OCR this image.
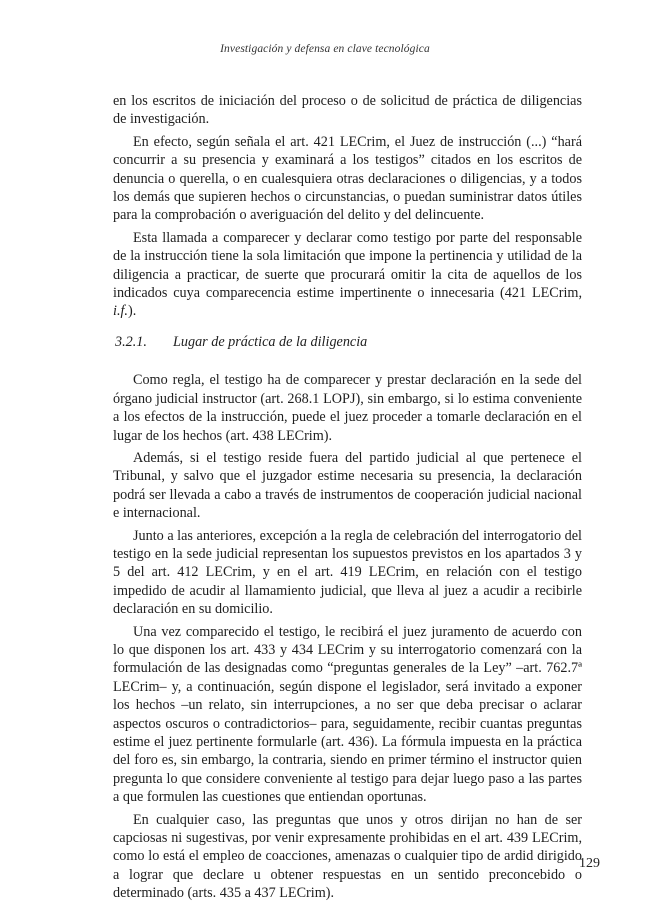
Investigación y defensa en clave tecnológica

en los escritos de iniciación del proceso o de solicitud de práctica de diligencias de investigación.

En efecto, según señala el art. 421 LECrim, el Juez de instrucción (...) “hará concurrir a su presencia y examinará a los testigos” citados en los escritos de denuncia o querella, o en cualesquiera otras declaraciones o diligencias, y a todos los demás que supieren hechos o circunstancias, o puedan suministrar datos útiles para la comprobación o averiguación del delito y del delincuente.

Esta llamada a comparecer y declarar como testigo por parte del responsable de la instrucción tiene la sola limitación que impone la pertinencia y utilidad de la diligencia a practicar, de suerte que procurará omitir la cita de aquellos de los indicados cuya comparecencia estime impertinente o innecesaria (421 LECrim, i.f.).

3.2.1.	Lugar de práctica de la diligencia

Como regla, el testigo ha de comparecer y prestar declaración en la sede del órgano judicial instructor (art. 268.1 LOPJ), sin embargo, si lo estima conveniente a los efectos de la instrucción, puede el juez proceder a tomarle declaración en el lugar de los hechos (art. 438 LECrim).

Además, si el testigo reside fuera del partido judicial al que pertenece el Tribunal, y salvo que el juzgador estime necesaria su presencia, la declaración podrá ser llevada a cabo a través de instrumentos de cooperación judicial nacional e internacional.

Junto a las anteriores, excepción a la regla de celebración del interrogatorio del testigo en la sede judicial representan los supuestos previstos en los apartados 3 y 5 del art. 412 LECrim, y en el art. 419 LECrim, en relación con el testigo impedido de acudir al llamamiento judicial, que lleva al juez a acudir a recibirle declaración en su domicilio.

Una vez comparecido el testigo, le recibirá el juez juramento de acuerdo con lo que disponen los art. 433 y 434 LECrim y su interrogatorio comenzará con la formulación de las designadas como “preguntas generales de la Ley” –art. 762.7ª LECrim– y, a continuación, según dispone el legislador, será invitado a exponer los hechos –un relato, sin interrupciones, a no ser que deba precisar o aclarar aspectos oscuros o contradictorios– para, seguidamente, recibir cuantas preguntas estime el juez pertinente formularle (art. 436). La fórmula impuesta en la práctica del foro es, sin embargo, la contraria, siendo en primer término el instructor quien pregunta lo que considere conveniente al testigo para dejar luego paso a las partes a que formulen las cuestiones que entiendan oportunas.

En cualquier caso, las preguntas que unos y otros dirijan no han de ser capciosas ni sugestivas, por venir expresamente prohibidas en el art. 439 LECrim, como lo está el empleo de coacciones, amenazas o cualquier tipo de ardid dirigido a lograr que declare u obtener respuestas en un sentido preconcebido o determinado (arts. 435 a 437 LECrim).

129
